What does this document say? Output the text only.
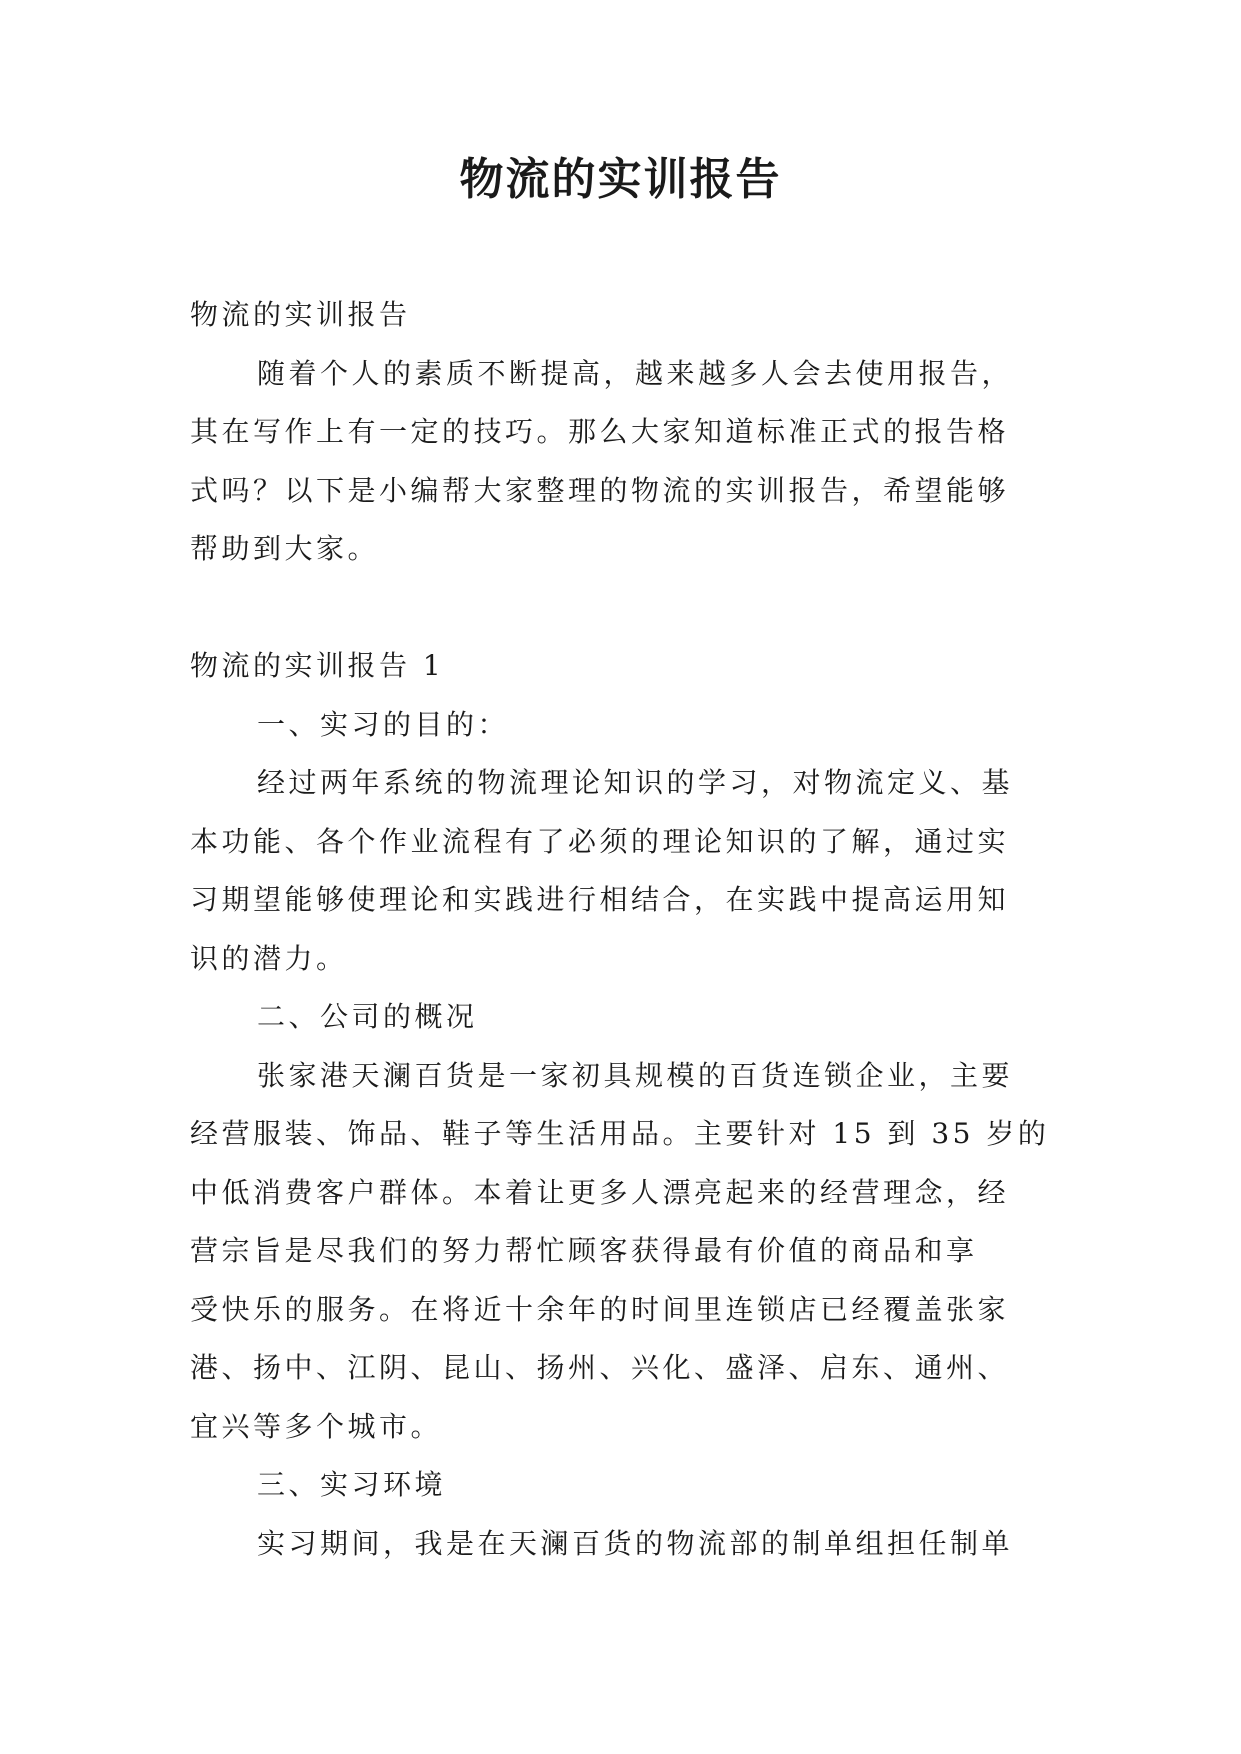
物流的实训报告

物流的实训报告

随着个人的素质不断提高，越来越多人会去使用报告，

其在写作上有一定的技巧。那么大家知道标准正式的报告格

式吗？以下是小编帮大家整理的物流的实训报告，希望能够

帮助到大家。

物流的实训报告 1

一、实习的目的：

经过两年系统的物流理论知识的学习，对物流定义、基

本功能、各个作业流程有了必须的理论知识的了解，通过实

习期望能够使理论和实践进行相结合，在实践中提高运用知

识的潜力。

二、公司的概况

张家港天澜百货是一家初具规模的百货连锁企业，主要

经营服装、饰品、鞋子等生活用品。主要针对 15 到 35 岁的

中低消费客户群体。本着让更多人漂亮起来的经营理念，经

营宗旨是尽我们的努力帮忙顾客获得最有价值的商品和享

受快乐的服务。在将近十余年的时间里连锁店已经覆盖张家

港、扬中、江阴、昆山、扬州、兴化、盛泽、启东、通州、

宜兴等多个城市。

三、实习环境

实习期间，我是在天澜百货的物流部的制单组担任制单
